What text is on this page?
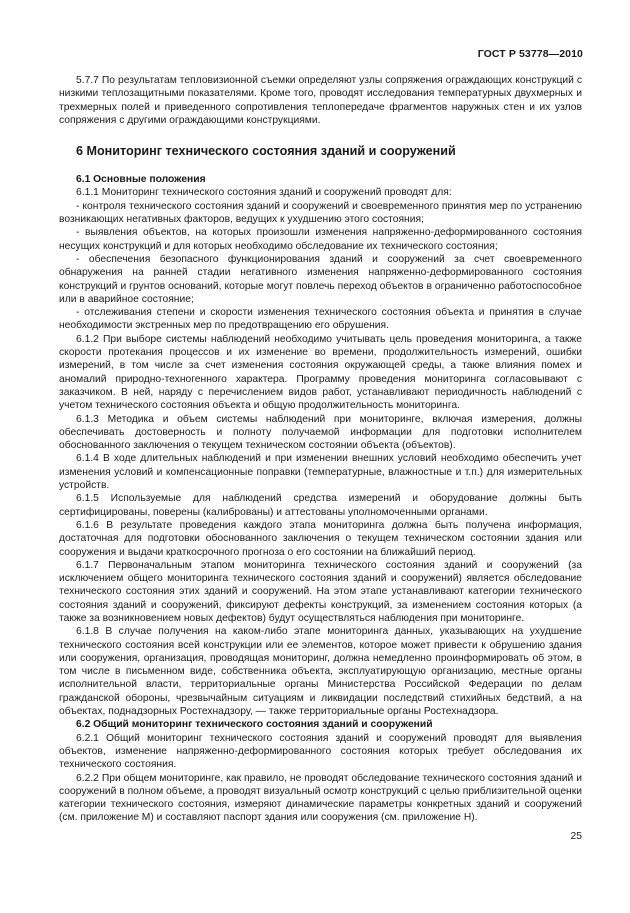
ГОСТ Р 53778—2010

5.7.7 По результатам тепловизионной съемки определяют узлы сопряжения ограждающих конструкций с низкими теплозащитными показателями. Кроме того, проводят исследования температурных двухмерных и трехмерных полей и приведенного сопротивления теплопередаче фрагментов наружных стен и их узлов сопряжения с другими ограждающими конструкциями.

6 Мониторинг технического состояния зданий и сооружений

6.1 Основные положения

6.1.1 Мониторинг технического состояния зданий и сооружений проводят для:

- контроля технического состояния зданий и сооружений и своевременного принятия мер по устранению возникающих негативных факторов, ведущих к ухудшению этого состояния;

- выявления объектов, на которых произошли изменения напряженно-деформированного состояния несущих конструкций и для которых необходимо обследование их технического состояния;

- обеспечения безопасного функционирования зданий и сооружений за счет своевременного обнаружения на ранней стадии негативного изменения напряженно-деформированного состояния конструкций и грунтов оснований, которые могут повлечь переход объектов в ограниченно работоспособное или в аварийное состояние;

- отслеживания степени и скорости изменения технического состояния объекта и принятия в случае необходимости экстренных мер по предотвращению его обрушения.

6.1.2 При выборе системы наблюдений необходимо учитывать цель проведения мониторинга, а также скорости протекания процессов и их изменение во времени, продолжительность измерений, ошибки измерений, в том числе за счет изменения состояния окружающей среды, а также влияния помех и аномалий природно-техногенного характера. Программу проведения мониторинга согласовывают с заказчиком. В ней, наряду с перечислением видов работ, устанавливают периодичность наблюдений с учетом технического состояния объекта и общую продолжительность мониторинга.

6.1.3 Методика и объем системы наблюдений при мониторинге, включая измерения, должны обеспечивать достоверность и полноту получаемой информации для подготовки исполнителем обоснованного заключения о текущем техническом состоянии объекта (объектов).

6.1.4 В ходе длительных наблюдений и при изменении внешних условий необходимо обеспечить учет изменения условий и компенсационные поправки (температурные, влажностные и т.п.) для измерительных устройств.

6.1.5 Используемые для наблюдений средства измерений и оборудование должны быть сертифицированы, поверены (калиброваны) и аттестованы уполномоченными органами.

6.1.6 В результате проведения каждого этапа мониторинга должна быть получена информация, достаточная для подготовки обоснованного заключения о текущем техническом состоянии здания или сооружения и выдачи краткосрочного прогноза о его состоянии на ближайший период.

6.1.7 Первоначальным этапом мониторинга технического состояния зданий и сооружений (за исключением общего мониторинга технического состояния зданий и сооружений) является обследование технического состояния этих зданий и сооружений. На этом этапе устанавливают категории технического состояния зданий и сооружений, фиксируют дефекты конструкций, за изменением состояния которых (а также за возникновением новых дефектов) будут осуществляться наблюдения при мониторинге.

6.1.8 В случае получения на каком-либо этапе мониторинга данных, указывающих на ухудшение технического состояния всей конструкции или ее элементов, которое может привести к обрушению здания или сооружения, организация, проводящая мониторинг, должна немедленно проинформировать об этом, в том числе в письменном виде, собственника объекта, эксплуатирующую организацию, местные органы исполнительной власти, территориальные органы Министерства Российской Федерации по делам гражданской обороны, чрезвычайным ситуациям и ликвидации последствий стихийных бедствий, а на объектах, поднадзорных Ростехнадзору, — также территориальные органы Ростехнадзора.

6.2 Общий мониторинг технического состояния зданий и сооружений

6.2.1 Общий мониторинг технического состояния зданий и сооружений проводят для выявления объектов, изменение напряженно-деформированного состояния которых требует обследования их технического состояния.

6.2.2 При общем мониторинге, как правило, не проводят обследование технического состояния зданий и сооружений в полном объеме, а проводят визуальный осмотр конструкций с целью приблизительной оценки категории технического состояния, измеряют динамические параметры конкретных зданий и сооружений (см. приложение М) и составляют паспорт здания или сооружения (см. приложение Н).

25
